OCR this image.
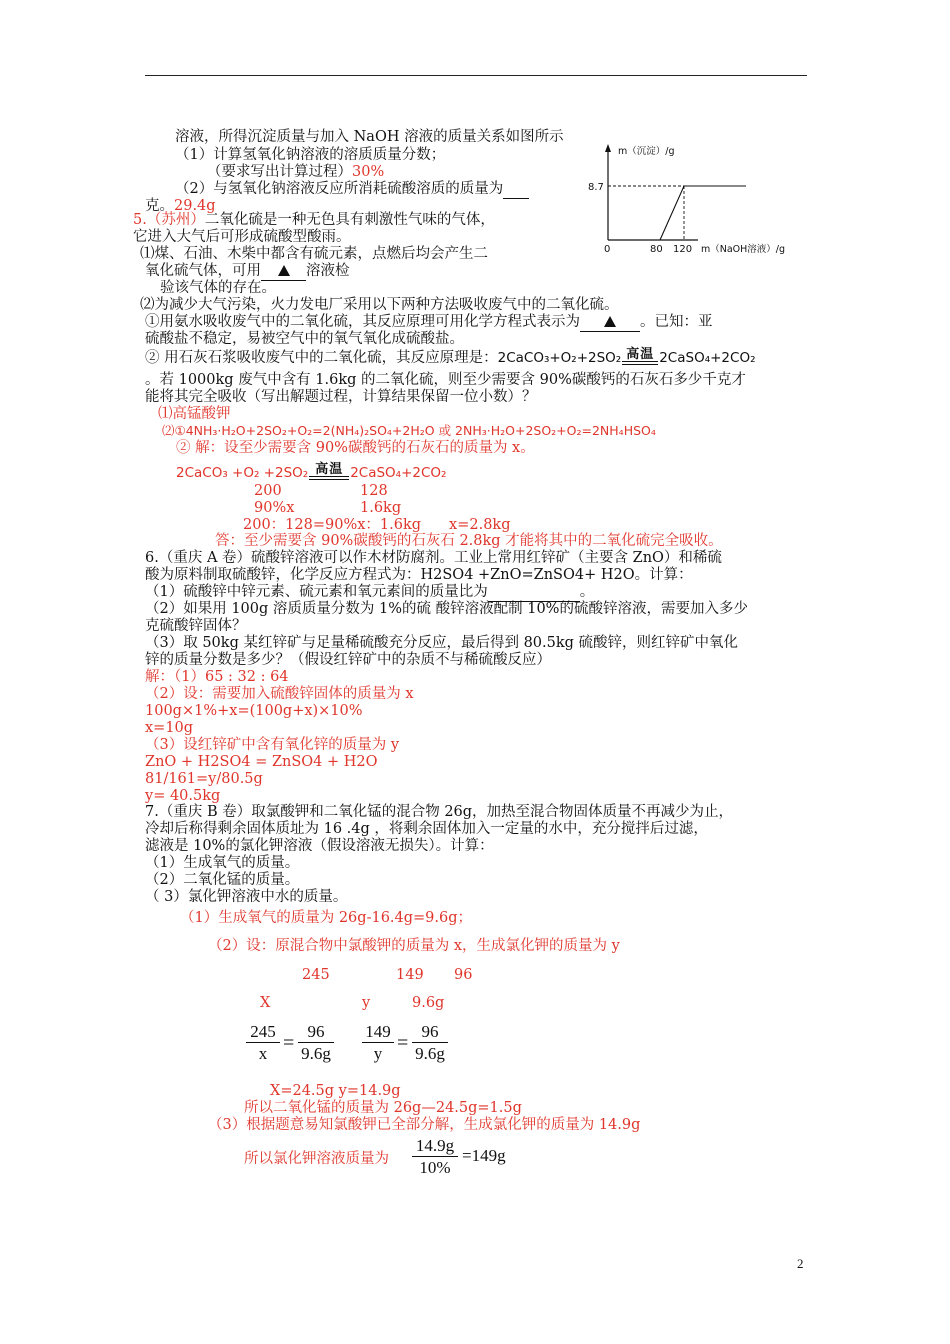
溶液，所得沉淀质量与加入 NaOH 溶液的质量关系如图所示
（1）计算氢氧化钠溶液的溶质质量分数；
（要求写出计算过程）30%
（2）与氢氧化钠溶液反应所消耗硫酸溶质的质量为
克。29.4g
m（沉淀）/g
8.7
0	80 120 m（NaOH溶液）/g
5.（苏州）二氧化硫是一种无色具有刺激性气味的气体，
它进入大气后可形成硫酸型酸雨。
⑴煤、石油、木柴中都含有硫元素，点燃后均会产生二
氧化硫气体，可用	溶液检
验该气体的存在。
⑵为减少大气污染，火力发电厂采用以下两种方法吸收废气中的二氧化硫。
①用氨水吸收废气中的二氧化硫，其反应原理可用化学方程式表示为	。已知：亚
硫酸盐不稳定，易被空气中的氧气氧化成硫酸盐。
② 用石灰石浆吸收废气中的二氧化硫，其反应原理是：2CaCO₃+O₂+2SO₂ 高温 2CaSO₄+2CO₂
。若 1000kg 废气中含有 1.6kg 的二氧化硫，则至少需要含 90%碳酸钙的石灰石多少千克才
能将其完全吸收（写出解题过程，计算结果保留一位小数）？
⑴高锰酸钾
⑵①4NH₃·H₂O+2SO₂+O₂=2(NH₄)₂SO₄+2H₂O 或 2NH₃·H₂O+2SO₂+O₂=2NH₄HSO₄
② 解：设至少需要含 90%碳酸钙的石灰石的质量为 x。
2CaCO₃ +O₂ +2SO₂ 高温 2CaSO₄+2CO₂
200	128
90%x	1.6kg
200：128=90%x：1.6kg x=2.8kg
答：至少需要含 90%碳酸钙的石灰石 2.8kg 才能将其中的二氧化硫完全吸收。
6.（重庆 A 卷）硫酸锌溶液可以作木材防腐剂。工业上常用红锌矿（主要含 ZnO）和稀硫
酸为原料制取硫酸锌，化学反应方程式为：H2SO4 +ZnO=ZnSO4+ H2O。计算：
（1）硫酸锌中锌元素、硫元素和氧元素间的质量比为	。
（2）如果用 100g 溶质质量分数为 1%的硫 酸锌溶液配制 10%的硫酸锌溶液，需要加入多少
克硫酸锌固体？
（3）取 50kg 某红锌矿与足量稀硫酸充分反应，最后得到 80.5kg 硫酸锌，则红锌矿中氧化
锌的质量分数是多少？（假设红锌矿中的杂质不与稀硫酸反应）
解：（1）65 : 32 : 64
（2）设：需要加入硫酸锌固体的质量为 x
100g×1%+x=(100g+x)×10%
x=10g
（3）设红锌矿中含有氧化锌的质量为 y
ZnO + H2SO4 = ZnSO4 + H2O
81/161=y/80.5g
y= 40.5kg
7.（重庆 B 卷）取氯酸钾和二氧化锰的混合物 26g，加热至混合物固体质量不再减少为止，
冷却后称得剩余固体质址为 16 .4g ，将剩余固体加入一定量的水中，充分搅拌后过滤，
滤液是 10%的氯化钾溶液（假设溶液无损失）。计算：
（1）生成氧气的质量。
（2）二氧化锰的质量。
（ 3）氯化钾溶液中水的质量。
（1）生成氧气的质量为 26g-16.4g=9.6g；
（2）设：原混合物中氯酸钾的质量为 x，生成氯化钾的质量为 y
245	149 96
X	y	9.6g
$\frac{245}{x} = \frac{96}{9.6g} \frac{149}{y} = \frac{96}{9.6g}$
X=24.5g y=14.9g
所以二氧化锰的质量为 26g—24.5g=1.5g
（3）根据题意易知氯酸钾已全部分解，生成氯化钾的质量为 14.9g
所以氯化钾溶液质量为 $\frac{14.9g}{10\%} =149g$
2
